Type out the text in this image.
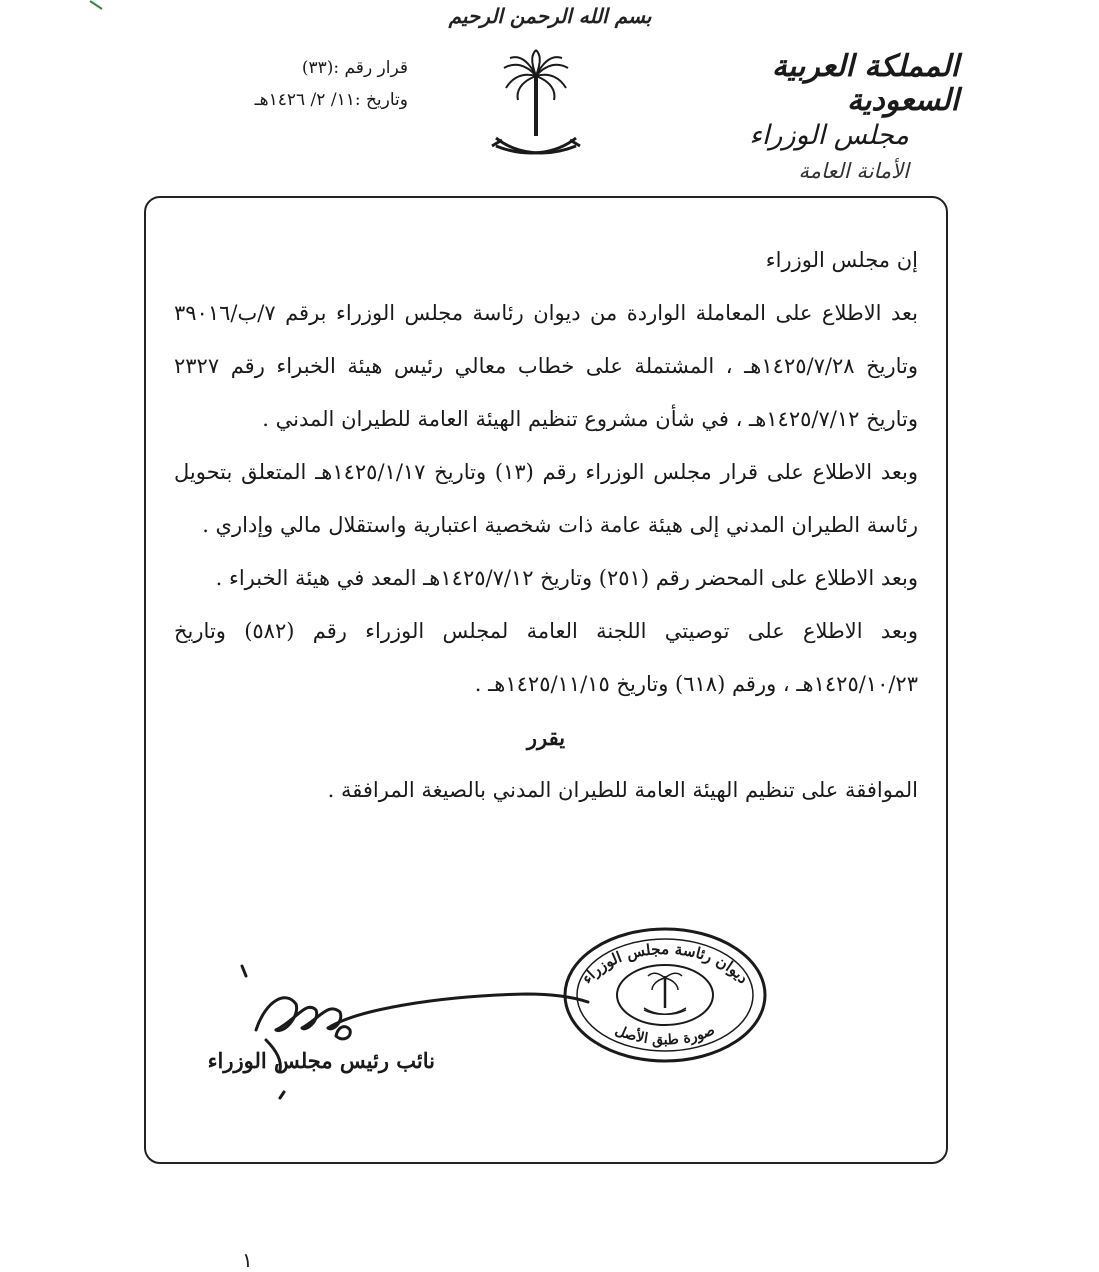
بسم الله الرحمن الرحيم
المملكة العربية السعودية
مجلس الوزراء
الأمانة العامة
قرار رقم :(٣٣)
وتاريخ :١١/ ٢/ ١٤٢٦هـ

إن مجلس الوزراء

بعد الاطلاع على المعاملة الواردة من ديوان رئاسة مجلس الوزراء برقم ٧/ب/٣٩٠١٦ وتاريخ ١٤٢٥/٧/٢٨هـ ، المشتملة على خطاب معالي رئيس هيئة الخبراء رقم ٢٣٢٧ وتاريخ ١٤٢٥/٧/١٢هـ ، في شأن مشروع تنظيم الهيئة العامة للطيران المدني .

وبعد الاطلاع على قرار مجلس الوزراء رقم (١٣) وتاريخ ١٤٢٥/١/١٧هـ المتعلق بتحويل رئاسة الطيران المدني إلى هيئة عامة ذات شخصية اعتبارية واستقلال مالي وإداري .

وبعد الاطلاع على المحضر رقم (٢٥١) وتاريخ ١٤٢٥/٧/١٢هـ المعد في هيئة الخبراء .

وبعد الاطلاع على توصيتي اللجنة العامة لمجلس الوزراء رقم (٥٨٢) وتاريخ ١٤٢٥/١٠/٢٣هـ ، ورقم (٦١٨) وتاريخ ١٤٢٥/١١/١٥هـ .

يقرر

الموافقة على تنظيم الهيئة العامة للطيران المدني بالصيغة المرافقة .

نائب رئيس مجلس الوزراء
ديوان رئاسة مجلس الوزراء
صورة طبق الأصل
١
